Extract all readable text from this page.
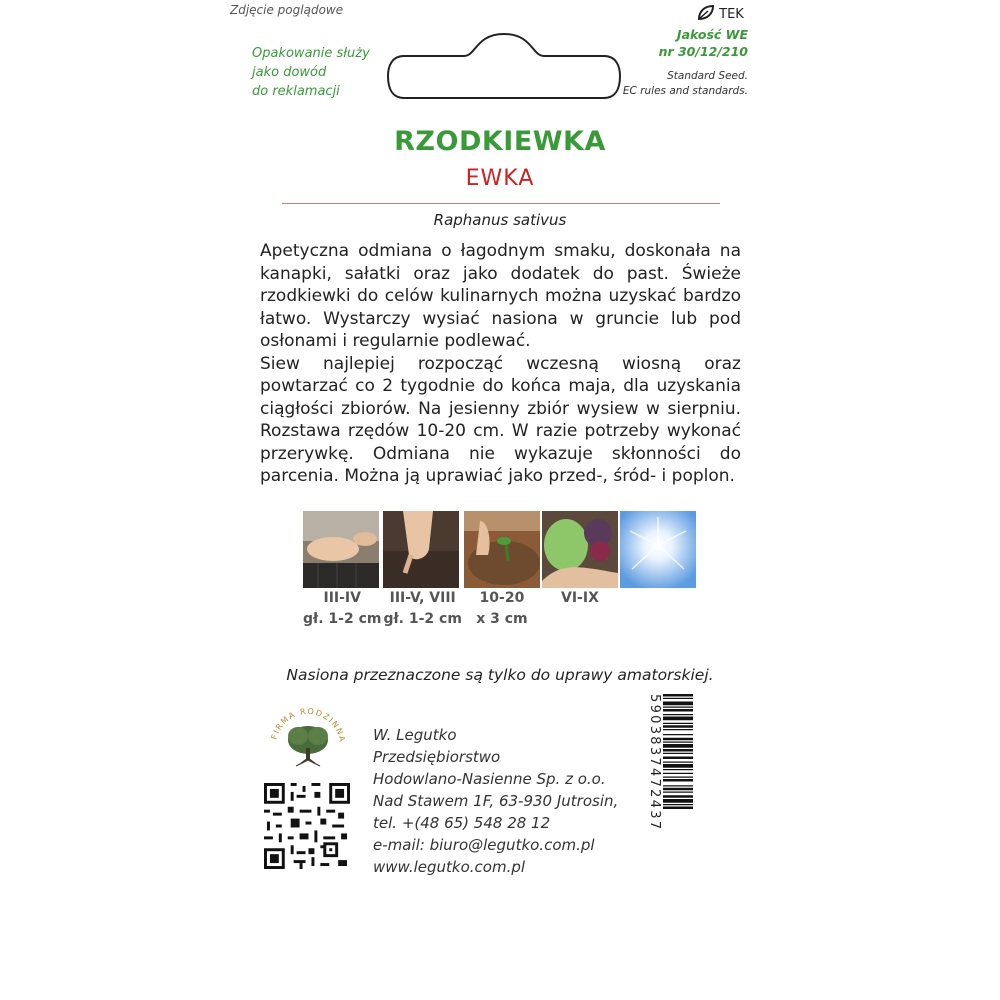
Zdjęcie poglądowe
Opakowanie służy
jako dowód
do reklamacji
TEK
Jakość WE
nr 30/12/210
Standard Seed.
EC rules and standards.
RZODKIEWKA
EWKA
Raphanus sativus

Apetyczna odmiana o łagodnym smaku, doskonała na kanapki, sałatki oraz jako dodatek do past. Świeże rzodkiewki do celów kulinarnych można uzyskać bardzo łatwo. Wystarczy wysiać nasiona w gruncie lub pod osłonami i regularnie podlewać.

Siew najlepiej rozpocząć wczesną wiosną oraz powtarzać co 2 tygodnie do końca maja, dla uzyskania ciągłości zbiorów. Na jesienny zbiór wysiew w sierpniu. Rozstawa rzędów 10-20 cm. W razie potrzeby wykonać przerywkę. Odmiana nie wykazuje skłonności do parcenia. Można ją uprawiać jako przed-, śród- i poplon.

III-IV
gł. 1-2 cm
III-V, VIII
gł. 1-2 cm
10-20
x 3 cm
VI-IX
Nasiona przeznaczone są tylko do uprawy amatorskiej.
FIRMA RODZINNA W. Legutko
Przedsiębiorstwo
Hodowlano-Nasienne Sp. z o.o.
Nad Stawem 1F, 63-930 Jutrosin,
tel. +(48 65) 548 28 12
e-mail: biuro@legutko.com.pl
www.legutko.com.pl
5903837472437
